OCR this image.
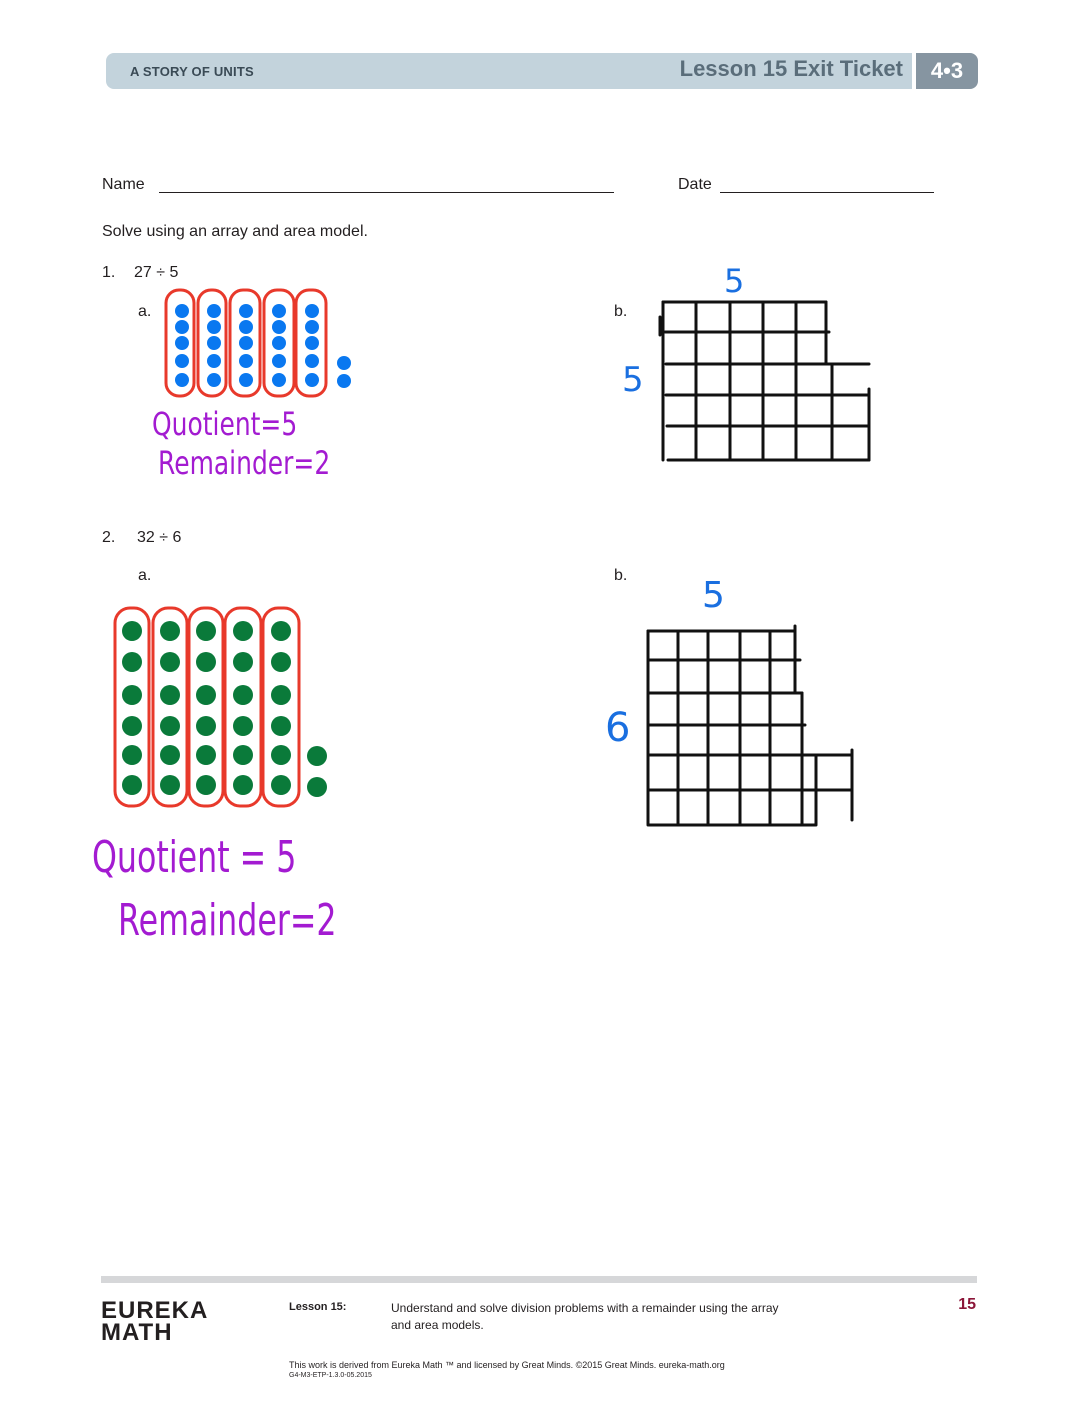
A STORY OF UNITS	Lesson 15 Exit Ticket	4•3
Name	Date
Solve using an array and area model.
1. 27 ÷ 5
a.	b.
Quotient=5
Remainder=2
5
5
2. 32 ÷ 6
a.	b.
Quotient = 5
Remainder=2
5
6
EUREKA
MATH
Lesson 15:	Understand and solve division problems with a remainder using the array and area models.
15
This work is derived from Eureka Math ™ and licensed by Great Minds. ©2015 Great Minds. eureka-math.org
G4-M3-ETP-1.3.0-05.2015
